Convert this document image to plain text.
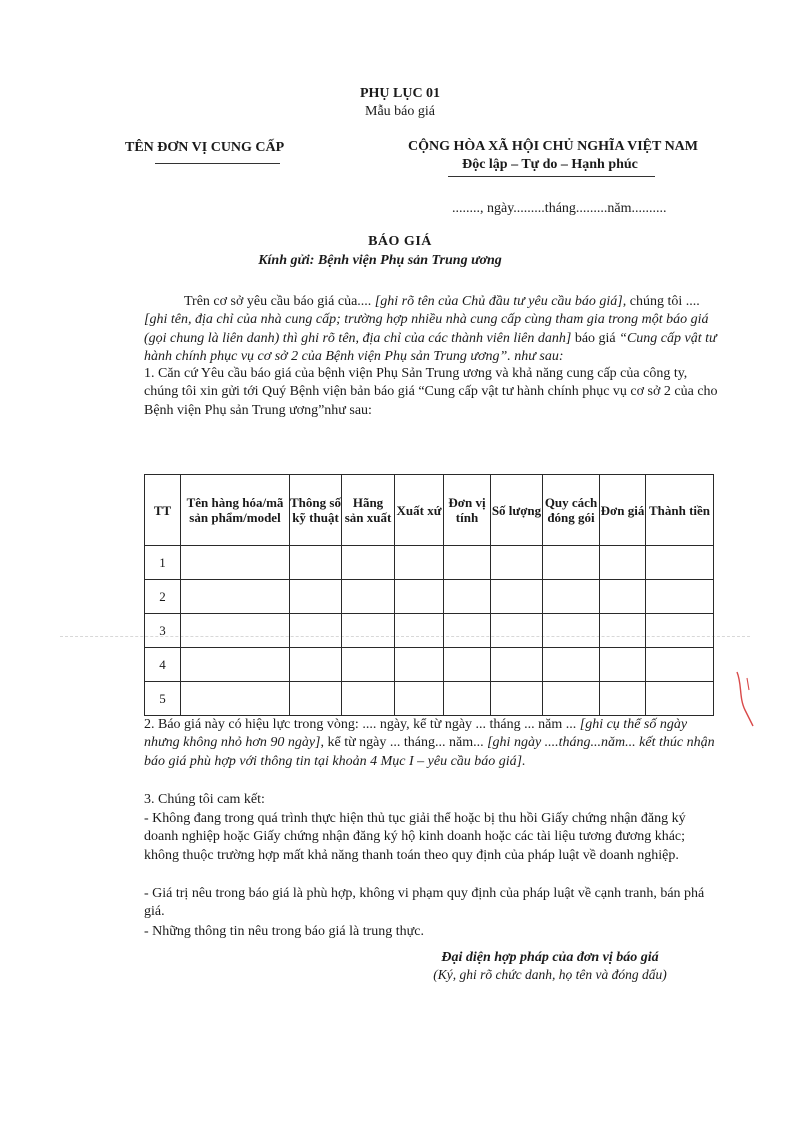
PHỤ LỤC 01
Mẫu báo giá
TÊN ĐƠN VỊ CUNG CẤP	CỘNG HÒA XÃ HỘI CHỦ NGHĨA VIỆT NAM
Độc lập – Tự do – Hạnh phúc
........, ngày.........tháng.........năm..........
BÁO GIÁ
Kính gửi: Bệnh viện Phụ sản Trung ương
Trên cơ sở yêu cầu báo giá của.... [ghi rõ tên của Chủ đầu tư yêu cầu báo giá], chúng tôi .... [ghi tên, địa chỉ của nhà cung cấp; trường hợp nhiều nhà cung cấp cùng tham gia trong một báo giá (gọi chung là liên danh) thì ghi rõ tên, địa chỉ của các thành viên liên danh] báo giá “Cung cấp vật tư hành chính phục vụ cơ sở 2 của Bệnh viện Phụ sản Trung ương”. như sau:
1. Căn cứ Yêu cầu báo giá của bệnh viện Phụ Sản Trung ương và khả năng cung cấp của công ty, chúng tôi xin gửi tới Quý Bệnh viện bản báo giá “Cung cấp vật tư hành chính phục vụ cơ sở 2 của cho Bệnh viện Phụ sản Trung ương”như sau:
TT	Tên hàng hóa/mã sản phẩm/model	Thông số kỹ thuật	Hãng sản xuất	Xuất xứ	Đơn vị tính	Số lượng	Quy cách đóng gói	Đơn giá	Thành tiền
1									
2									
3									
4									
5									
2. Báo giá này có hiệu lực trong vòng: .... ngày, kể từ ngày ... tháng ... năm ... [ghi cụ thể số ngày nhưng không nhỏ hơn 90 ngày], kể từ ngày ... tháng... năm... [ghi ngày ....tháng...năm... kết thúc nhận báo giá phù hợp với thông tin tại khoản 4 Mục I – yêu cầu báo giá].
3. Chúng tôi cam kết:
- Không đang trong quá trình thực hiện thủ tục giải thể hoặc bị thu hồi Giấy chứng nhận đăng ký doanh nghiệp hoặc Giấy chứng nhận đăng ký hộ kinh doanh hoặc các tài liệu tương đương khác; không thuộc trường hợp mất khả năng thanh toán theo quy định của pháp luật về doanh nghiệp.
- Giá trị nêu trong báo giá là phù hợp, không vi phạm quy định của pháp luật về cạnh tranh, bán phá giá.
- Những thông tin nêu trong báo giá là trung thực.
Đại diện hợp pháp của đơn vị báo giá
(Ký, ghi rõ chức danh, họ tên và đóng dấu)
